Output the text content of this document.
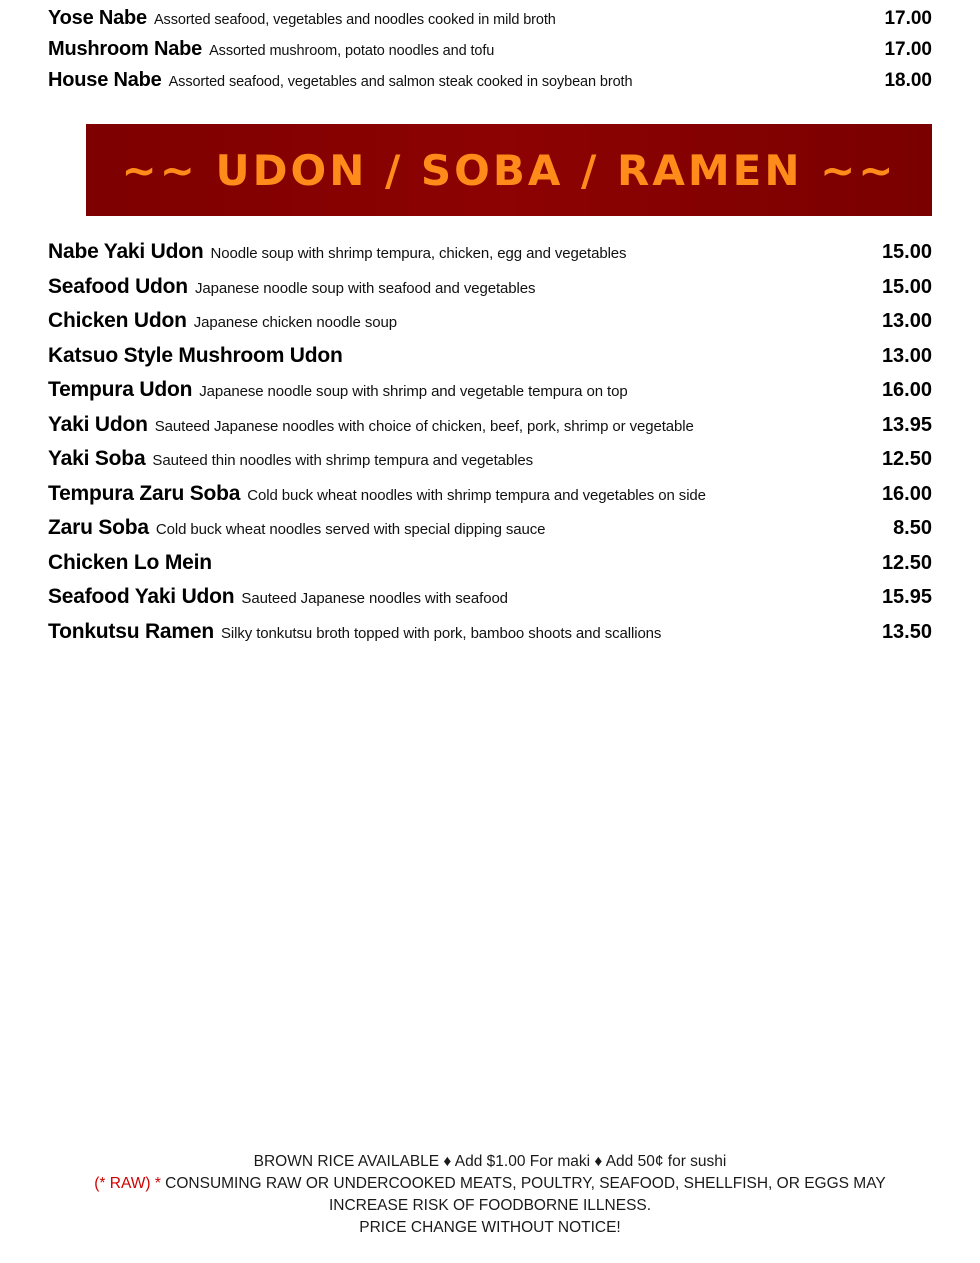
Yose Nabe Assorted seafood, vegetables and noodles cooked in mild broth	17.00
Mushroom Nabe Assorted mushroom, potato noodles and tofu	17.00
House Nabe Assorted seafood, vegetables and salmon steak cooked in soybean broth	18.00
~~ UDON / SOBA / RAMEN ~~
Nabe Yaki Udon Noodle soup with shrimp tempura, chicken, egg and vegetables	15.00
Seafood Udon Japanese noodle soup with seafood and vegetables	15.00
Chicken Udon Japanese chicken noodle soup	13.00
Katsuo Style Mushroom Udon	13.00
Tempura Udon Japanese noodle soup with shrimp and vegetable tempura on top	16.00
Yaki Udon Sauteed Japanese noodles with choice of chicken, beef, pork, shrimp or vegetable	13.95
Yaki Soba Sauteed thin noodles with shrimp tempura and vegetables	12.50
Tempura Zaru Soba Cold buck wheat noodles with shrimp tempura and vegetables on side	16.00
Zaru Soba Cold buck wheat noodles served with special dipping sauce	8.50
Chicken Lo Mein	12.50
Seafood Yaki Udon Sauteed Japanese noodles with seafood	15.95
Tonkutsu Ramen Silky tonkutsu broth topped with pork, bamboo shoots and scallions	13.50
BROWN RICE AVAILABLE ♦ Add $1.00 For maki ♦ Add 50¢ for sushi
(* RAW) * CONSUMING RAW OR UNDERCOOKED MEATS, POULTRY, SEAFOOD, SHELLFISH, OR EGGS MAY
INCREASE RISK OF FOODBORNE ILLNESS.
PRICE CHANGE WITHOUT NOTICE!
